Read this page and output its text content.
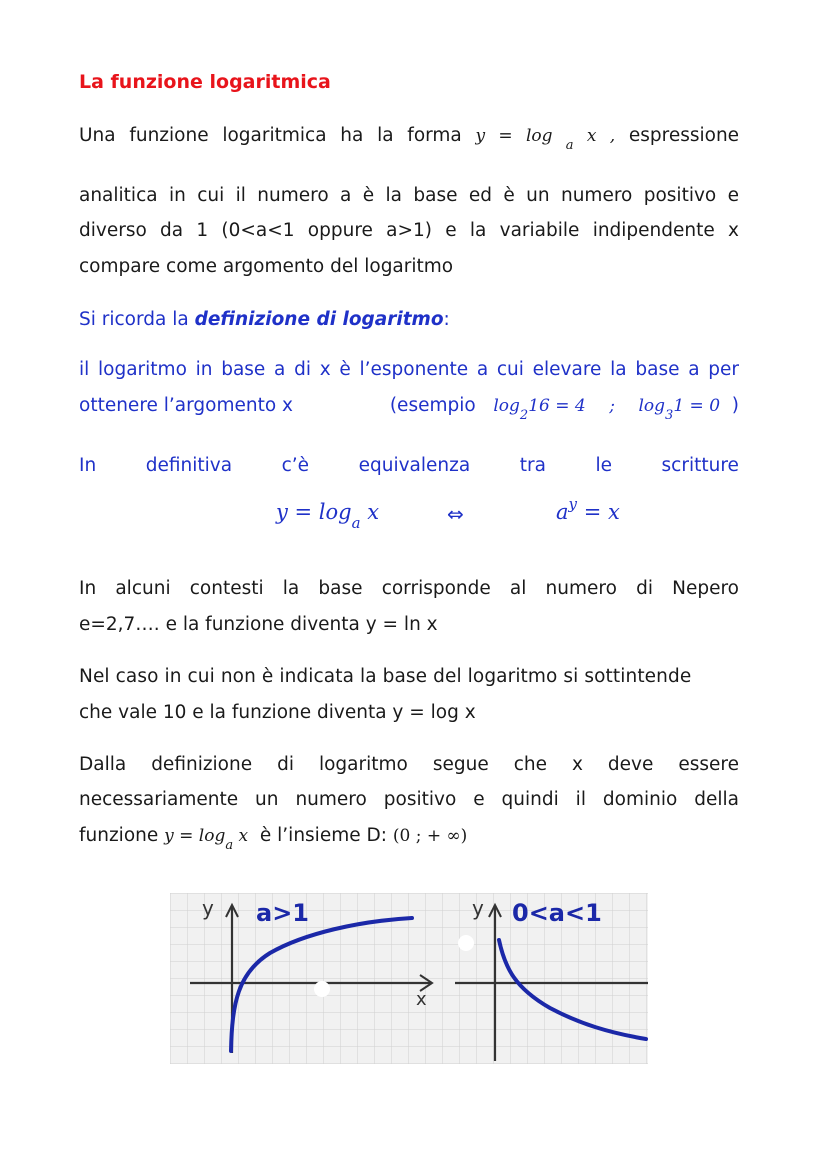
La funzione logaritmica
Una funzione logaritmica ha la forma y = log $_a$ x , espressione
analitica in cui il numero a è la base ed è un numero positivo e
diverso da 1 (0<a<1 oppure a>1) e la variabile indipendente x
compare come argomento del logaritmo
Si ricorda la definizione di logaritmo:
il logaritmo in base a di x è l’esponente a cui elevare la base a per
ottenere l’argomento x	(esempio $\log_216 = 4$ ; $\log_31 = 0$ )
In	definitiva	c’è	equivalenza	tra	le	scritture
$y = \log_a x$	⇔	$a^y = x$
In alcuni contesti la base corrisponde al numero di Nepero
e=2,7…. e la funzione diventa y = ln x
Nel caso in cui non è indicata la base del logaritmo si sottintende
che vale 10 e la funzione diventa y = log x
Dalla definizione di logaritmo segue che x deve essere
necessariamente un numero positivo e quindi il dominio della
funzione $y = \log_a x$ è l’insieme D: (0 ; + ∞)
y a>1
x
y 0<a<1
